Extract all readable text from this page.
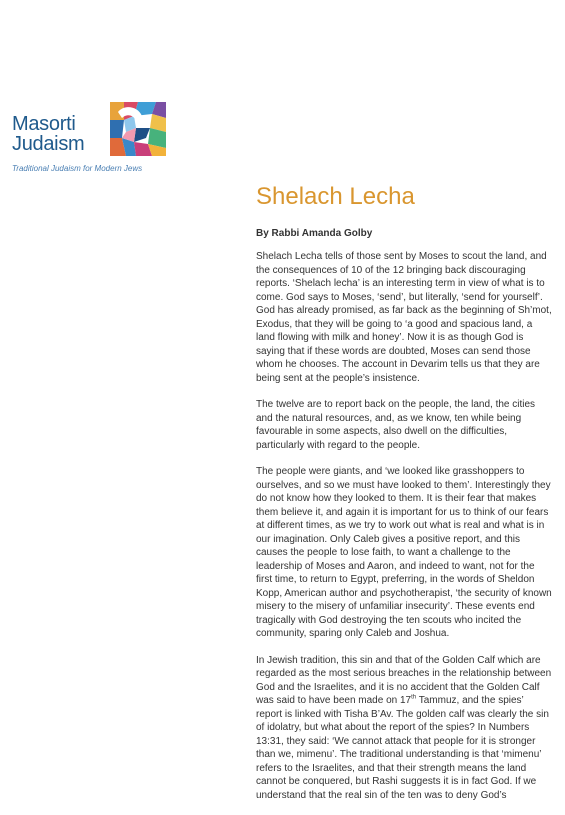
Masorti
Judaism
Traditional Judaism for Modern Jews
Shelach Lecha
By Rabbi Amanda Golby

Shelach Lecha tells of those sent by Moses to scout the land, and the consequences of 10 of the 12 bringing back discouraging reports. ‘Shelach lecha’ is an interesting term in view of what is to come. God says to Moses, ‘send’, but literally, ‘send for yourself’. God has already promised, as far back as the beginning of Sh’mot, Exodus, that they will be going to ‘a good and spacious land, a land flowing with milk and honey’. Now it is as though God is saying that if these words are doubted, Moses can send those whom he chooses. The account in Devarim tells us that they are being sent at the people’s insistence.

The twelve are to report back on the people, the land, the cities and the natural resources, and, as we know, ten while being favourable in some aspects, also dwell on the difficulties, particularly with regard to the people.

The people were giants, and ‘we looked like grasshoppers to ourselves, and so we must have looked to them’. Interestingly they do not know how they looked to them. It is their fear that makes them believe it, and again it is important for us to think of our fears at different times, as we try to work out what is real and what is in our imagination. Only Caleb gives a positive report, and this causes the people to lose faith, to want a challenge to the leadership of Moses and Aaron, and indeed to want, not for the first time, to return to Egypt, preferring, in the words of Sheldon Kopp, American author and psychotherapist, ‘the security of known misery to the misery of unfamiliar insecurity’. These events end tragically with God destroying the ten scouts who incited the community, sparing only Caleb and Joshua.

In Jewish tradition, this sin and that of the Golden Calf which are regarded as the most serious breaches in the relationship between God and the Israelites, and it is no accident that the Golden Calf was said to have been made on 17th Tammuz, and the spies’ report is linked with Tisha B’Av. The golden calf was clearly the sin of idolatry, but what about the report of the spies? In Numbers 13:31, they said: ‘We cannot attack that people for it is stronger than we, mimenu’. The traditional understanding is that ‘mimenu’ refers to the Israelites, and that their strength means the land cannot be conquered, but Rashi suggests it is in fact God. If we understand that the real sin of the ten was to deny God’s
